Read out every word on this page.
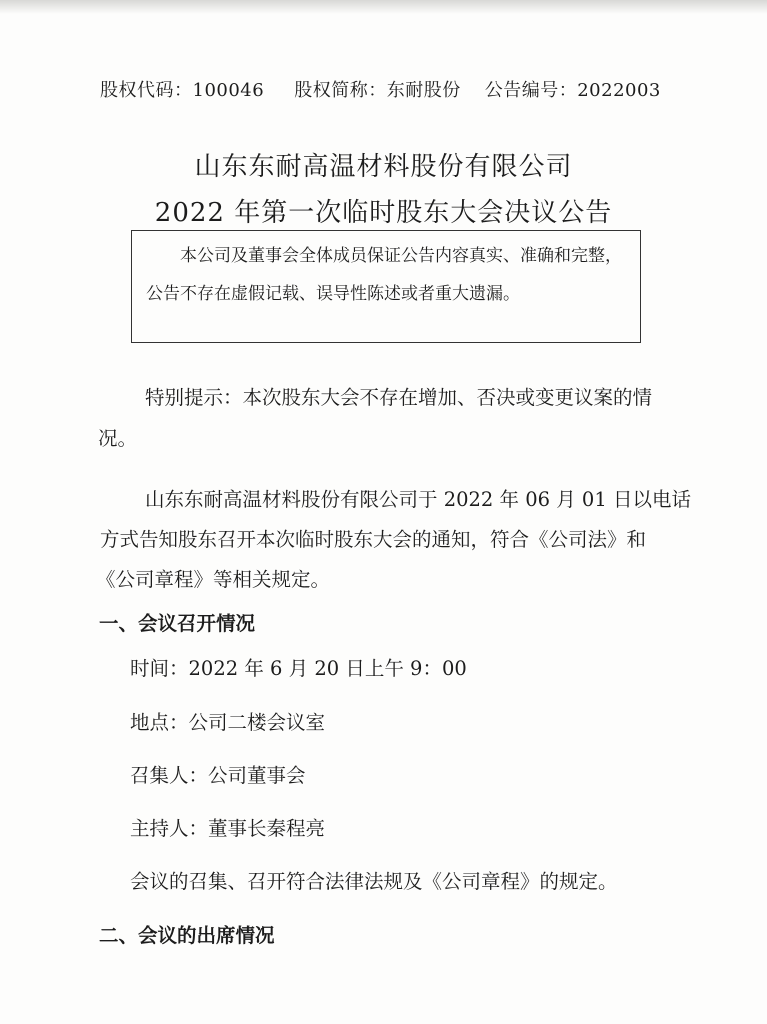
股权代码：100046 股权简称：东耐股份 公告编号：2022003
山东东耐高温材料股份有限公司
2022 年第一次临时股东大会决议公告
本公司及董事会全体成员保证公告内容真实、准确和完整，
公告不存在虚假记载、误导性陈述或者重大遗漏。
特别提示：本次股东大会不存在增加、否决或变更议案的情
况。
山东东耐高温材料股份有限公司于 2022 年 06 月 01 日以电话
方式告知股东召开本次临时股东大会的通知，符合《公司法》和
《公司章程》等相关规定。
一、会议召开情况
时间：2022 年 6 月 20 日上午 9：00
地点：公司二楼会议室
召集人：公司董事会
主持人：董事长秦程亮
会议的召集、召开符合法律法规及《公司章程》的规定。
二、会议的出席情况
